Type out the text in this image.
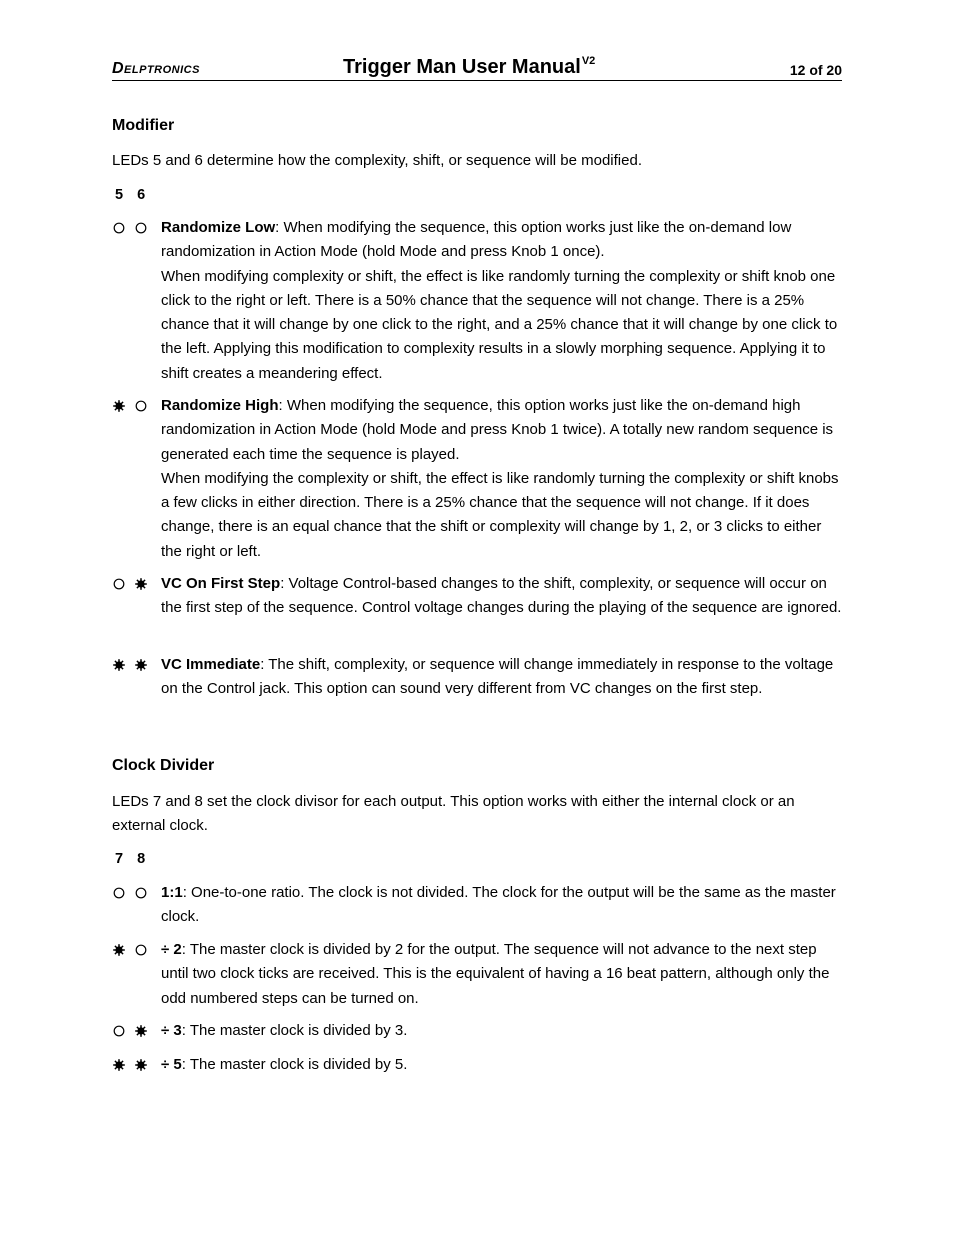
Delptronics	Trigger Man User Manual$^{V2}$
12 of 20
Modifier
LEDs 5 and 6 determine how the complexity, shift, or sequence will be modified.
5 6
Randomize Low: When modifying the sequence, this option works just like the on-demand low randomization in Action Mode (hold Mode and press Knob 1 once).
When modifying complexity or shift, the effect is like randomly turning the complexity or shift knob one click to the right or left. There is a 50% chance that the sequence will not change. There is a 25% chance that it will change by one click to the right, and a 25% chance that it will change by one click to the left. Applying this modification to complexity results in a slowly morphing sequence. Applying it to shift creates a meandering effect.
Randomize High: When modifying the sequence, this option works just like the on-demand high randomization in Action Mode (hold Mode and press Knob 1 twice). A totally new random sequence is generated each time the sequence is played.
When modifying the complexity or shift, the effect is like randomly turning the complexity or shift knobs a few clicks in either direction. There is a 25% chance that the sequence will not change. If it does change, there is an equal chance that the shift or complexity will change by 1, 2, or 3 clicks to either the right or left.
VC On First Step: Voltage Control-based changes to the shift, complexity, or sequence will occur on the first step of the sequence. Control voltage changes during the playing of the sequence are ignored.
VC Immediate: The shift, complexity, or sequence will change immediately in response to the voltage on the Control jack. This option can sound very different from VC changes on the first step.
Clock Divider
LEDs 7 and 8 set the clock divisor for each output. This option works with either the internal clock or an external clock.
7 8
1:1: One-to-one ratio. The clock is not divided. The clock for the output will be the same as the master clock.
÷ 2: The master clock is divided by 2 for the output. The sequence will not advance to the next step until two clock ticks are received. This is the equivalent of having a 16 beat pattern, although only the odd numbered steps can be turned on.
÷ 3: The master clock is divided by 3.
÷ 5: The master clock is divided by 5.
